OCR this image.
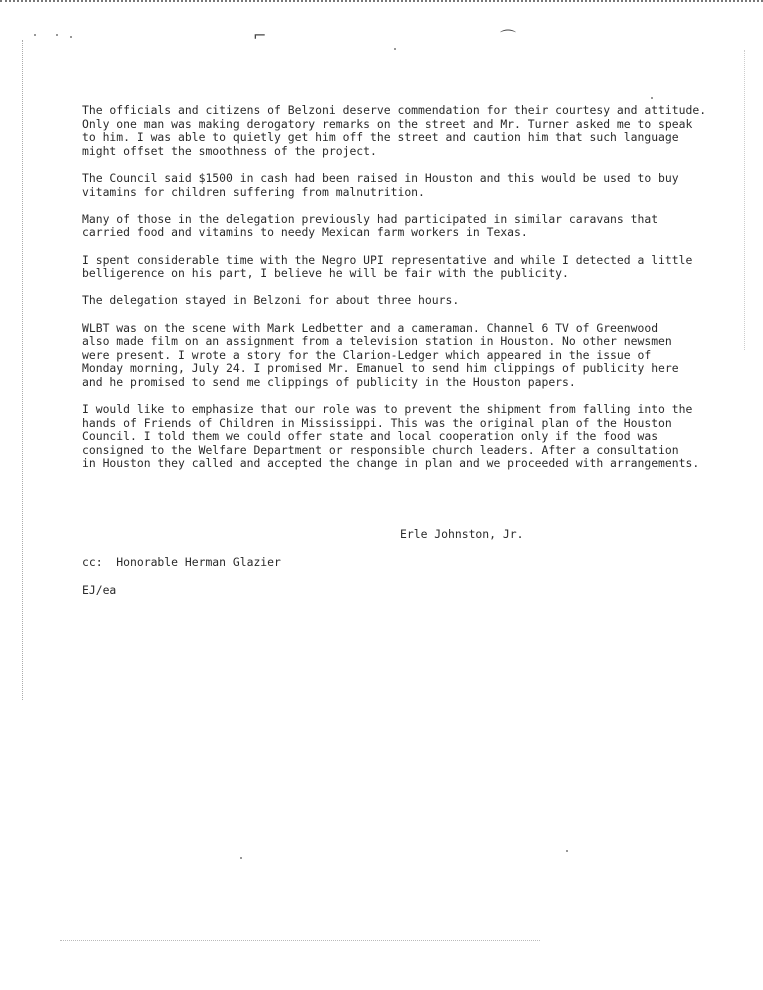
⌐	⌒

The officials and citizens of Belzoni deserve commendation for their courtesy and attitude.
Only one man was making derogatory remarks on the street and Mr. Turner asked me to speak
to him. I was able to quietly get him off the street and caution him that such language
might offset the smoothness of the project.

The Council said $1500 in cash had been raised in Houston and this would be used to buy
vitamins for children suffering from malnutrition.

Many of those in the delegation previously had participated in similar caravans that
carried food and vitamins to needy Mexican farm workers in Texas.

I spent considerable time with the Negro UPI representative and while I detected a little
belligerence on his part, I believe he will be fair with the publicity.

The delegation stayed in Belzoni for about three hours.

WLBT was on the scene with Mark Ledbetter and a cameraman. Channel 6 TV of Greenwood
also made film on an assignment from a television station in Houston. No other newsmen
were present. I wrote a story for the Clarion-Ledger which appeared in the issue of
Monday morning, July 24. I promised Mr. Emanuel to send him clippings of publicity here
and he promised to send me clippings of publicity in the Houston papers.

I would like to emphasize that our role was to prevent the shipment from falling into the
hands of Friends of Children in Mississippi. This was the original plan of the Houston
Council. I told them we could offer state and local cooperation only if the food was
consigned to the Welfare Department or responsible church leaders. After a consultation
in Houston they called and accepted the change in plan and we proceeded with arrangements.

Erle Johnston, Jr.
cc:  Honorable Herman Glazier
EJ/ea
